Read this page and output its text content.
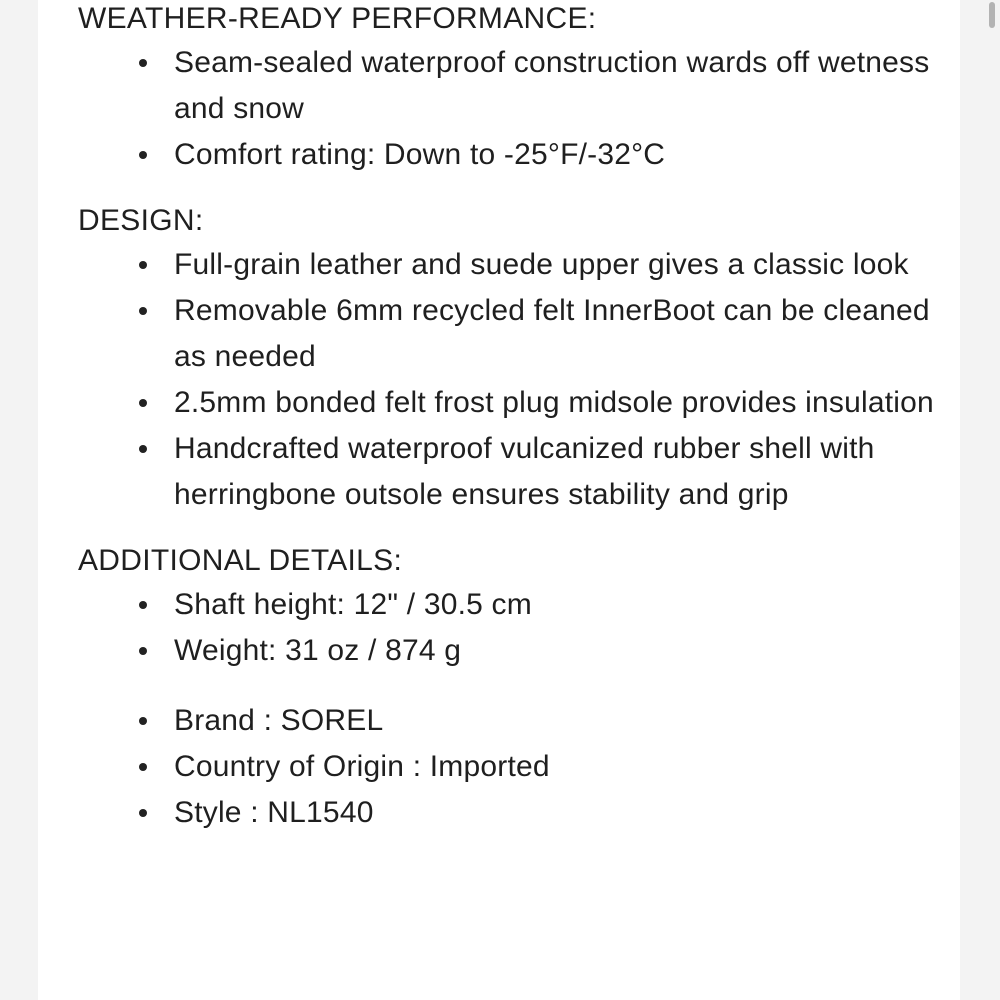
WEATHER-READY PERFORMANCE:
Seam-sealed waterproof construction wards off wetness and snow
Comfort rating: Down to -25°F/-32°C
DESIGN:
Full-grain leather and suede upper gives a classic look
Removable 6mm recycled felt InnerBoot can be cleaned as needed
2.5mm bonded felt frost plug midsole provides insulation
Handcrafted waterproof vulcanized rubber shell with herringbone outsole ensures stability and grip
ADDITIONAL DETAILS:
Shaft height: 12" / 30.5 cm
Weight: 31 oz / 874 g
Brand : SOREL
Country of Origin : Imported
Style : NL1540
